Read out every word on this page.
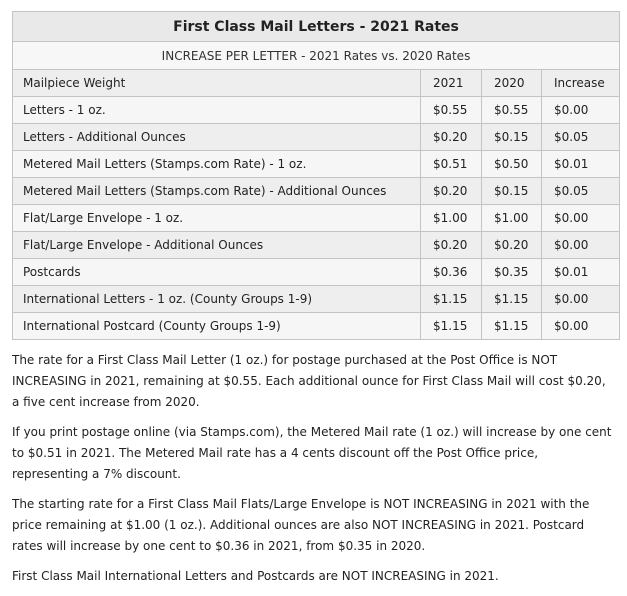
First Class Mail Letters - 2021 Rates			
INCREASE PER LETTER - 2021 Rates vs. 2020 Rates			
Mailpiece Weight	2021	2020	Increase
Letters - 1 oz.	$0.55	$0.55	$0.00
Letters - Additional Ounces	$0.20	$0.15	$0.05
Metered Mail Letters (Stamps.com Rate) - 1 oz.	$0.51	$0.50	$0.01
Metered Mail Letters (Stamps.com Rate) - Additional Ounces	$0.20	$0.15	$0.05
Flat/Large Envelope - 1 oz.	$1.00	$1.00	$0.00
Flat/Large Envelope - Additional Ounces	$0.20	$0.20	$0.00
Postcards	$0.36	$0.35	$0.01
International Letters - 1 oz. (County Groups 1-9)	$1.15	$1.15	$0.00
International Postcard (County Groups 1-9)	$1.15	$1.15	$0.00

The rate for a First Class Mail Letter (1 oz.) for postage purchased at the Post Office is NOT INCREASING in 2021, remaining at $0.55. Each additional ounce for First Class Mail will cost $0.20, a five cent increase from 2020.

If you print postage online (via Stamps.com), the Metered Mail rate (1 oz.) will increase by one cent to $0.51 in 2021. The Metered Mail rate has a 4 cents discount off the Post Office price, representing a 7% discount.

The starting rate for a First Class Mail Flats/Large Envelope is NOT INCREASING in 2021 with the price remaining at $1.00 (1 oz.). Additional ounces are also NOT INCREASING in 2021. Postcard rates will increase by one cent to $0.36 in 2021, from $0.35 in 2020.

First Class Mail International Letters and Postcards are NOT INCREASING in 2021.
